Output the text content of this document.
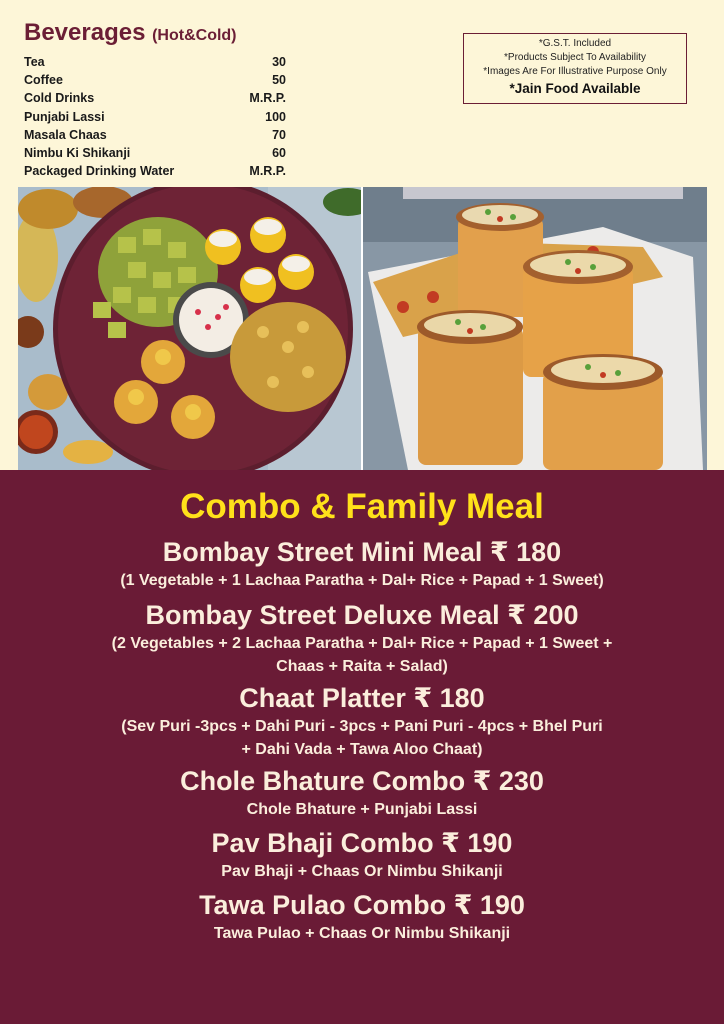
Beverages (Hot&Cold)
Tea	30
Coffee	50
Cold Drinks	M.R.P.
Punjabi Lassi	100
Masala Chaas	70
Nimbu Ki Shikanji	60
Packaged Drinking Water	M.R.P.
*G.S.T. Included
*Products Subject To Availability
*Images Are For Illustrative Purpose Only
*Jain Food Available
Combo & Family Meal
Bombay Street Mini Meal ₹ 180
(1 Vegetable + 1 Lachaa Paratha + Dal+ Rice + Papad + 1 Sweet)
Bombay Street Deluxe Meal ₹ 200
(2 Vegetables + 2 Lachaa Paratha + Dal+ Rice + Papad + 1 Sweet + Chaas + Raita + Salad)
Chaat Platter ₹ 180
(Sev Puri -3pcs + Dahi Puri - 3pcs + Pani Puri - 4pcs + Bhel Puri + Dahi Vada + Tawa Aloo Chaat)
Chole Bhature Combo ₹ 230
Chole Bhature + Punjabi Lassi
Pav Bhaji Combo ₹ 190
Pav Bhaji + Chaas Or Nimbu Shikanji
Tawa Pulao Combo ₹ 190
Tawa Pulao + Chaas Or Nimbu Shikanji
